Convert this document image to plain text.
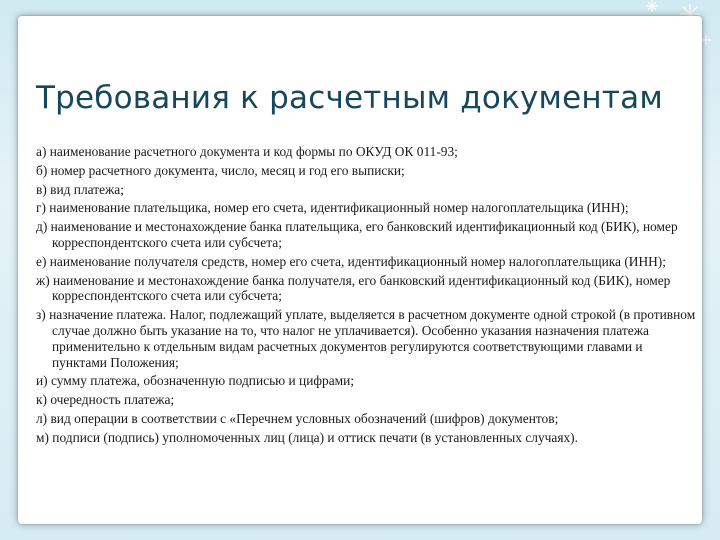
Требования к расчетным документам
а) наименование расчетного документа и код формы по ОКУД ОК 011-93;
б) номер расчетного документа, число, месяц и год его выписки;
в) вид платежа;
г) наименование плательщика, номер его счета, идентификационный номер налогоплательщика (ИНН);
д) наименование и местонахождение банка плательщика, его банковский идентификационный код (БИК), номер корреспондентского счета или субсчета;
е) наименование получателя средств, номер его счета, идентификационный номер налогоплательщика (ИНН);
ж) наименование и местонахождение банка получателя, его банковский идентификационный код (БИК), номер корреспондентского счета или субсчета;
з) назначение платежа. Налог, подлежащий уплате, выделяется в расчетном документе одной строкой (в противном случае должно быть указание на то, что налог не уплачивается). Особенно указания назначения платежа применительно к отдельным видам расчетных документов регулируются соответствующими главами и пунктами Положения;
и) сумму платежа, обозначенную подписью и цифрами;
к) очередность платежа;
л) вид операции в соответствии с «Перечнем условных обозначений (шифров) документов;
м) подписи (подпись) уполномоченных лиц (лица) и оттиск печати (в установленных случаях).
